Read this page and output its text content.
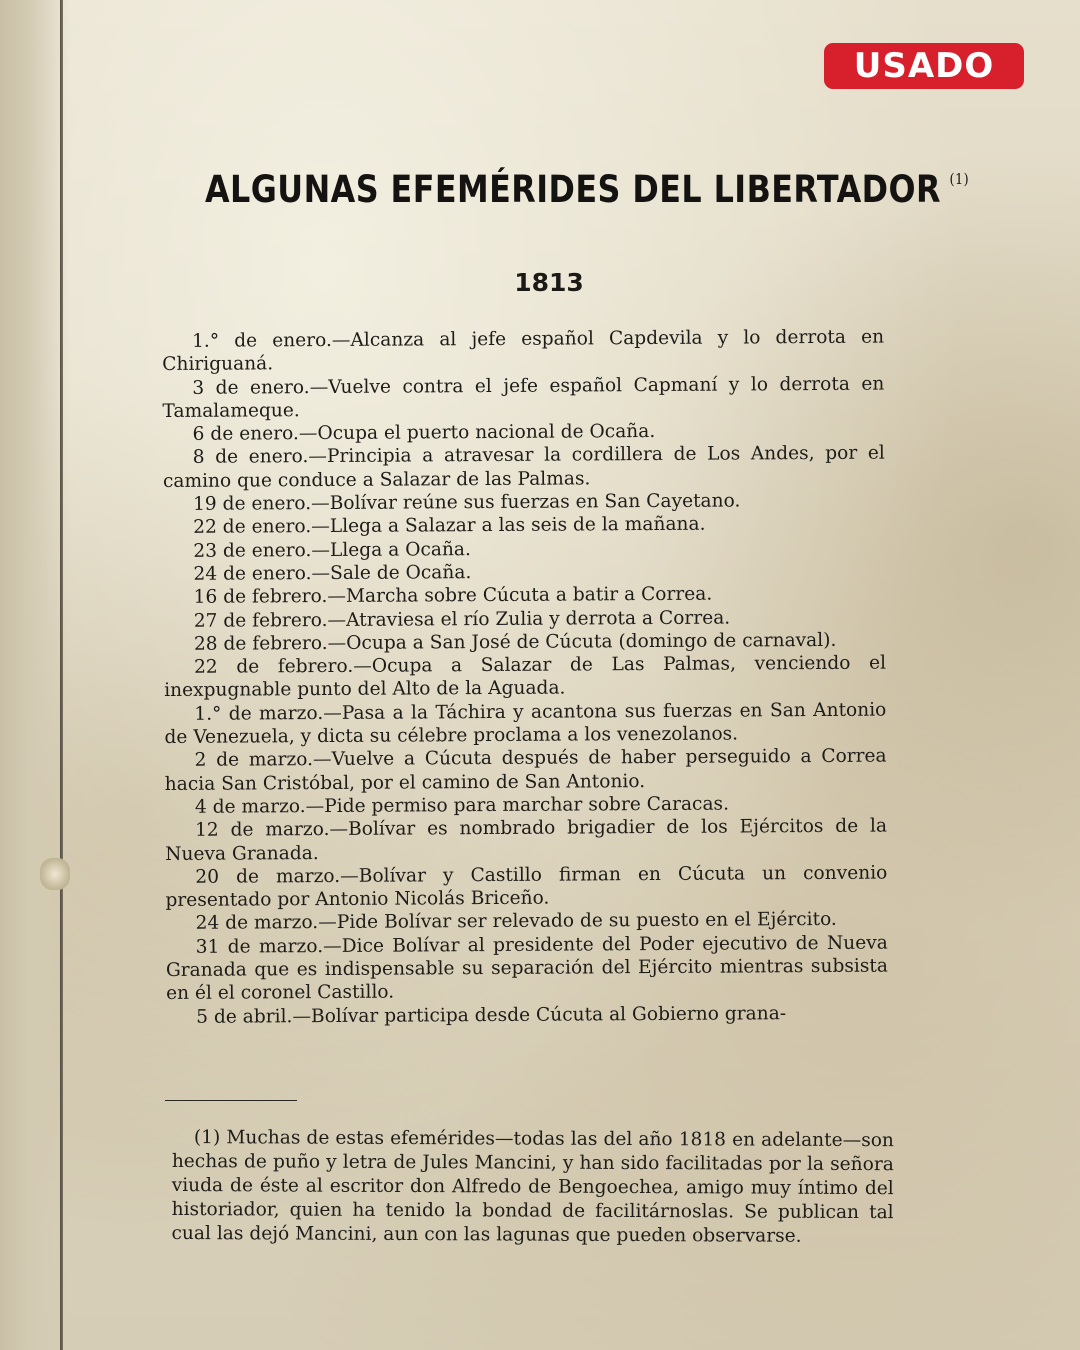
USADO
ALGUNAS EFEMÉRIDES DEL LIBERTADOR $^{(1)}$
1813

1.° de enero.—Alcanza al jefe español Capdevila y lo derrota en Chiriguaná.

3 de enero.—Vuelve contra el jefe español Capmaní y lo derrota en Tamalameque.

6 de enero.—Ocupa el puerto nacional de Ocaña.

8 de enero.—Principia a atravesar la cordillera de Los Andes, por el camino que conduce a Salazar de las Palmas.

19 de enero.—Bolívar reúne sus fuerzas en San Cayetano.

22 de enero.—Llega a Salazar a las seis de la mañana.

23 de enero.—Llega a Ocaña.

24 de enero.—Sale de Ocaña.

16 de febrero.—Marcha sobre Cúcuta a batir a Correa.

27 de febrero.—Atraviesa el río Zulia y derrota a Correa.

28 de febrero.—Ocupa a San José de Cúcuta (domingo de carnaval).

22 de febrero.—Ocupa a Salazar de Las Palmas, venciendo el inexpugnable punto del Alto de la Aguada.

1.° de marzo.—Pasa a la Táchira y acantona sus fuerzas en San Antonio de Venezuela, y dicta su célebre proclama a los venezolanos.

2 de marzo.—Vuelve a Cúcuta después de haber perseguido a Correa hacia San Cristóbal, por el camino de San Antonio.

4 de marzo.—Pide permiso para marchar sobre Caracas.

12 de marzo.—Bolívar es nombrado brigadier de los Ejércitos de la Nueva Granada.

20 de marzo.—Bolívar y Castillo firman en Cúcuta un convenio presentado por Antonio Nicolás Briceño.

24 de marzo.—Pide Bolívar ser relevado de su puesto en el Ejército.

31 de marzo.—Dice Bolívar al presidente del Poder ejecutivo de Nueva Granada que es indispensable su separación del Ejército mientras subsista en él el coronel Castillo.

5 de abril.—Bolívar participa desde Cúcuta al Gobierno grana-

(1) Muchas de estas efemérides—todas las del año 1818 en adelante—son hechas de puño y letra de Jules Mancini, y han sido facilitadas por la señora viuda de éste al escritor don Alfredo de Bengoechea, amigo muy íntimo del historiador, quien ha tenido la bondad de facilitárnoslas. Se publican tal cual las dejó Mancini, aun con las lagunas que pueden observarse.
